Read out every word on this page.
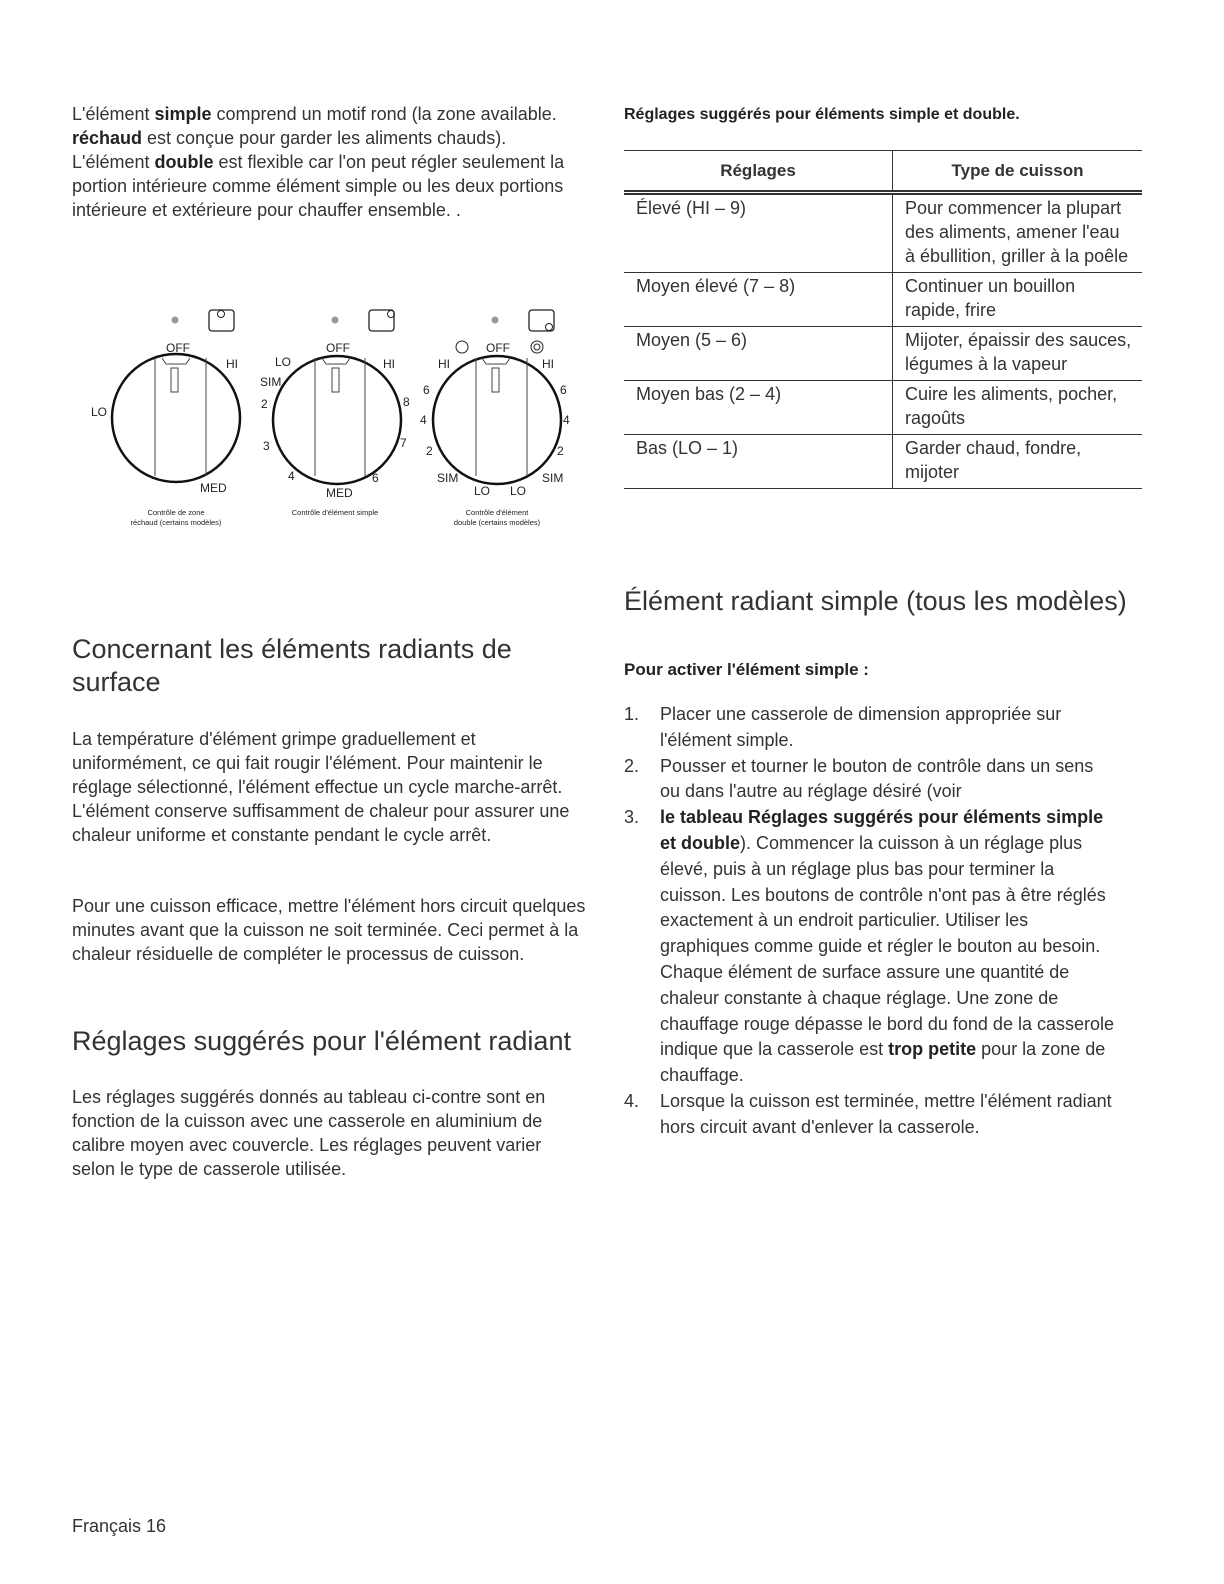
L'élément simple comprend un motif rond (la zone available. réchaud est conçue pour garder les aliments chauds). L'élément double est flexible car l'on peut régler seulement la portion intérieure comme élément simple ou les deux portions intérieure et extérieure pour chauffer ensemble. .

OFF
HI
LO
MED
Contrôle de zone
réchaud (certains modèles)
OFF
LO
SIM
2
3
4
MED
6
7
8
HI
Contrôle d'élément simple
OFF
HI
6
4
2
SIM
LO LO
SIM
2
4
6
HI
Contrôle d'élément
double (certains modèles)
Concernant les éléments radiants de surface

La température d'élément grimpe graduellement et uniformément, ce qui fait rougir l'élément. Pour maintenir le réglage sélectionné, l'élément effectue un cycle marche-arrêt. L'élément conserve suffisamment de chaleur pour assurer une chaleur uniforme et constante pendant le cycle arrêt.

Pour une cuisson efficace, mettre l'élément hors circuit quelques minutes avant que la cuisson ne soit terminée. Ceci permet à la chaleur résiduelle de compléter le processus de cuisson.

Réglages suggérés pour l'élément radiant

Les réglages suggérés donnés au tableau ci-contre sont en fonction de la cuisson avec une casserole en aluminium de calibre moyen avec couvercle. Les réglages peuvent varier selon le type de casserole utilisée.

Réglages suggérés pour éléments simple et double.
Réglages	Type de cuisson
Élevé (HI – 9)	Pour commencer la plupart des aliments, amener l'eau à ébullition, griller à la poêle
Moyen élevé (7 – 8)	Continuer un bouillon rapide, frire
Moyen (5 – 6)	Mijoter, épaissir des sauces, légumes à la vapeur
Moyen bas (2 – 4)	Cuire les aliments, pocher, ragoûts
Bas (LO – 1)	Garder chaud, fondre, mijoter
Élément radiant simple (tous les modèles)
Pour activer l'élément simple :
1. Placer une casserole de dimension appropriée sur l'élément simple.
2. Pousser et tourner le bouton de contrôle dans un sens ou dans l'autre au réglage désiré (voir
3. le tableau Réglages suggérés pour éléments simple et double). Commencer la cuisson à un réglage plus élevé, puis à un réglage plus bas pour terminer la cuisson. Les boutons de contrôle n'ont pas à être réglés exactement à un endroit particulier. Utiliser les graphiques comme guide et régler le bouton au besoin. Chaque élément de surface assure une quantité de chaleur constante à chaque réglage. Une zone de chauffage rouge dépasse le bord du fond de la casserole indique que la casserole est trop petite pour la zone de chauffage.
4. Lorsque la cuisson est terminée, mettre l'élément radiant hors circuit avant d'enlever la casserole.

Français 16
